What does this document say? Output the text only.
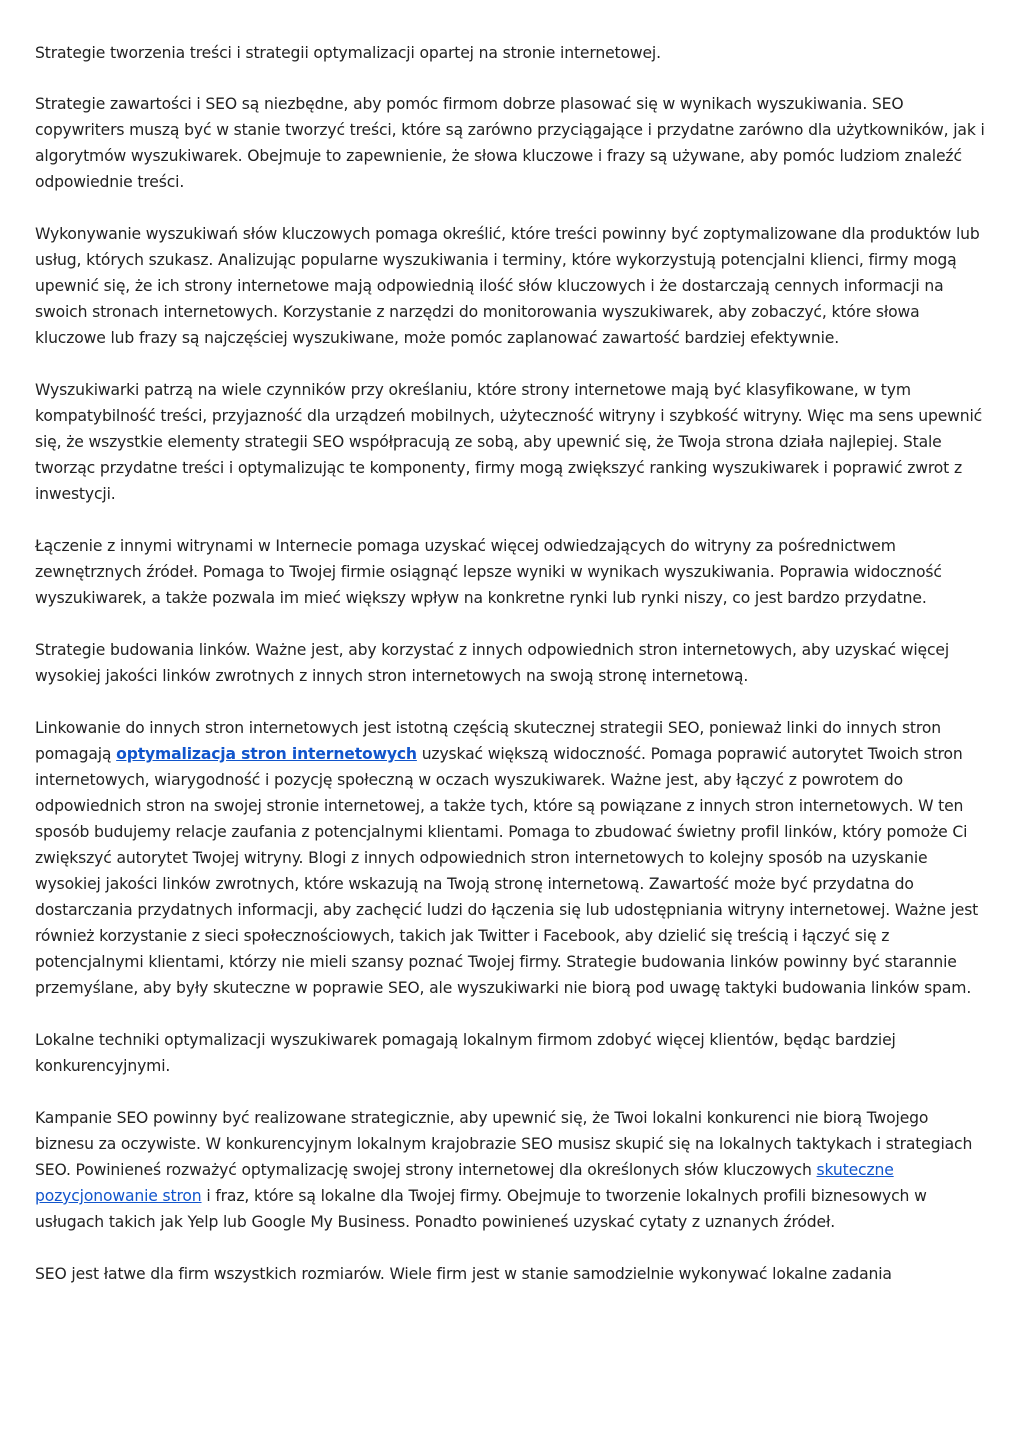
Strategie tworzenia treści i strategii optymalizacji opartej na stronie internetowej.

Strategie zawartości i SEO są niezbędne, aby pomóc firmom dobrze plasować się w wynikach wyszukiwania. SEO copywriters muszą być w stanie tworzyć treści, które są zarówno przyciągające i przydatne zarówno dla użytkowników, jak i algorytmów wyszukiwarek. Obejmuje to zapewnienie, że słowa kluczowe i frazy są używane, aby pomóc ludziom znaleźć odpowiednie treści.

Wykonywanie wyszukiwań słów kluczowych pomaga określić, które treści powinny być zoptymalizowane dla produktów lub usług, których szukasz. Analizując popularne wyszukiwania i terminy, które wykorzystują potencjalni klienci, firmy mogą upewnić się, że ich strony internetowe mają odpowiednią ilość słów kluczowych i że dostarczają cennych informacji na swoich stronach internetowych. Korzystanie z narzędzi do monitorowania wyszukiwarek, aby zobaczyć, które słowa kluczowe lub frazy są najczęściej wyszukiwane, może pomóc zaplanować zawartość bardziej efektywnie.

Wyszukiwarki patrzą na wiele czynników przy określaniu, które strony internetowe mają być klasyfikowane, w tym kompatybilność treści, przyjazność dla urządzeń mobilnych, użyteczność witryny i szybkość witryny. Więc ma sens upewnić się, że wszystkie elementy strategii SEO współpracują ze sobą, aby upewnić się, że Twoja strona działa najlepiej. Stale tworząc przydatne treści i optymalizując te komponenty, firmy mogą zwiększyć ranking wyszukiwarek i poprawić zwrot z inwestycji.

Łączenie z innymi witrynami w Internecie pomaga uzyskać więcej odwiedzających do witryny za pośrednictwem zewnętrznych źródeł. Pomaga to Twojej firmie osiągnąć lepsze wyniki w wynikach wyszukiwania. Poprawia widoczność wyszukiwarek, a także pozwala im mieć większy wpływ na konkretne rynki lub rynki niszy, co jest bardzo przydatne.

Strategie budowania linków. Ważne jest, aby korzystać z innych odpowiednich stron internetowych, aby uzyskać więcej wysokiej jakości linków zwrotnych z innych stron internetowych na swoją stronę internetową.

Linkowanie do innych stron internetowych jest istotną częścią skutecznej strategii SEO, ponieważ linki do innych stron pomagają optymalizacja stron internetowych uzyskać większą widoczność. Pomaga poprawić autorytet Twoich stron internetowych, wiarygodność i pozycję społeczną w oczach wyszukiwarek. Ważne jest, aby łączyć z powrotem do odpowiednich stron na swojej stronie internetowej, a także tych, które są powiązane z innych stron internetowych. W ten sposób budujemy relacje zaufania z potencjalnymi klientami. Pomaga to zbudować świetny profil linków, który pomoże Ci zwiększyć autorytet Twojej witryny. Blogi z innych odpowiednich stron internetowych to kolejny sposób na uzyskanie wysokiej jakości linków zwrotnych, które wskazują na Twoją stronę internetową. Zawartość może być przydatna do dostarczania przydatnych informacji, aby zachęcić ludzi do łączenia się lub udostępniania witryny internetowej. Ważne jest również korzystanie z sieci społecznościowych, takich jak Twitter i Facebook, aby dzielić się treścią i łączyć się z potencjalnymi klientami, którzy nie mieli szansy poznać Twojej firmy. Strategie budowania linków powinny być starannie przemyślane, aby były skuteczne w poprawie SEO, ale wyszukiwarki nie biorą pod uwagę taktyki budowania linków spam.

Lokalne techniki optymalizacji wyszukiwarek pomagają lokalnym firmom zdobyć więcej klientów, będąc bardziej konkurencyjnymi.

Kampanie SEO powinny być realizowane strategicznie, aby upewnić się, że Twoi lokalni konkurenci nie biorą Twojego biznesu za oczywiste. W konkurencyjnym lokalnym krajobrazie SEO musisz skupić się na lokalnych taktykach i strategiach SEO. Powinieneś rozważyć optymalizację swojej strony internetowej dla określonych słów kluczowych skuteczne pozycjonowanie stron i fraz, które są lokalne dla Twojej firmy. Obejmuje to tworzenie lokalnych profili biznesowych w usługach takich jak Yelp lub Google My Business. Ponadto powinieneś uzyskać cytaty z uznanych źródeł.

SEO jest łatwe dla firm wszystkich rozmiarów. Wiele firm jest w stanie samodzielnie wykonywać lokalne zadania
